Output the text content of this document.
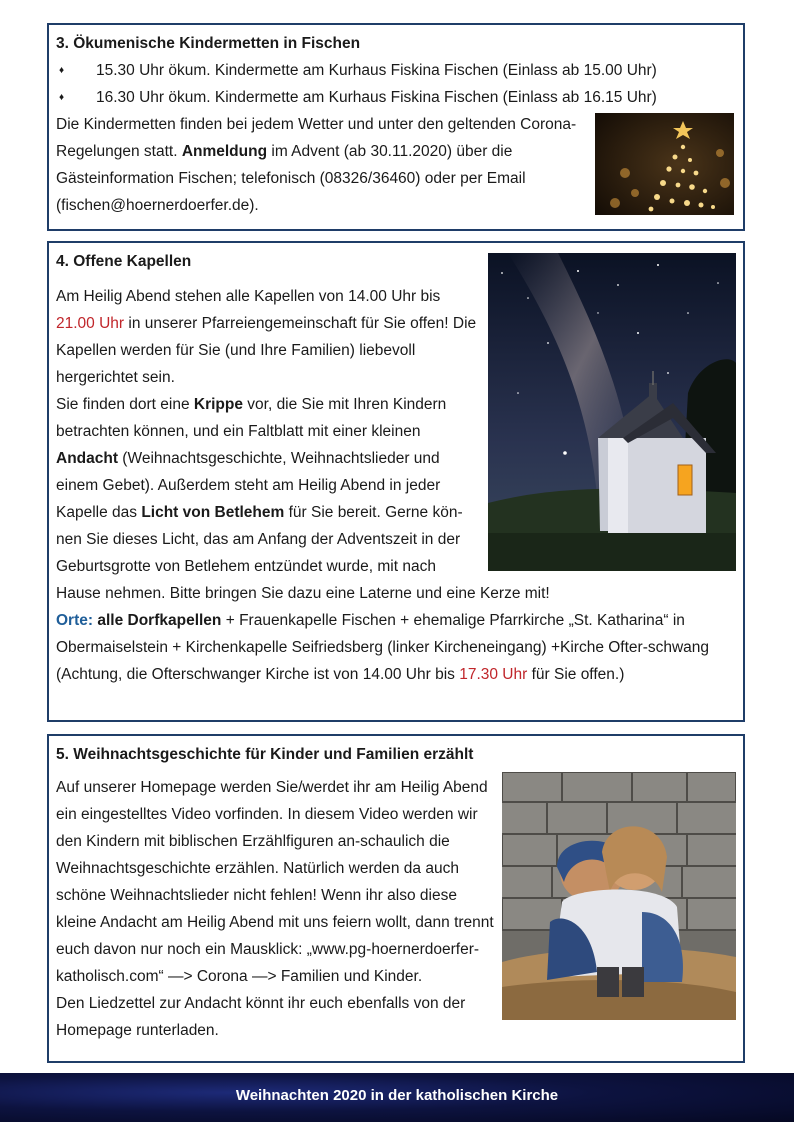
3. Ökumenische Kindermetten in Fischen
♦	15.30 Uhr ökum. Kindermette am Kurhaus Fiskina Fischen (Einlass ab 15.00 Uhr)
♦	16.30 Uhr ökum. Kindermette am Kurhaus Fiskina Fischen (Einlass ab 16.15 Uhr)
Die Kindermetten finden bei jedem Wetter und unter den geltenden Corona-Regelungen statt. Anmeldung im Advent (ab 30.11.2020) über die Gästeinformation Fischen; telefonisch (08326/36460) oder per Email (fischen@hoernerdoerfer.de).
4. Offene Kapellen
Am Heilig Abend stehen alle Kapellen von 14.00 Uhr bis 21.00 Uhr in unserer Pfarreiengemeinschaft für Sie offen! Die Kapellen werden für Sie (und Ihre Familien) liebevoll hergerichtet sein.
Sie finden dort eine Krippe vor, die Sie mit Ihren Kindern betrachten können, und ein Faltblatt mit einer kleinen Andacht (Weihnachtsgeschichte, Weihnachtslieder und einem Gebet). Außerdem steht am Heilig Abend in jeder Kapelle das Licht von Betlehem für Sie bereit. Gerne kön-nen Sie dieses Licht, das am Anfang der Adventszeit in der Geburtsgrotte von Betlehem entzündet wurde, mit nach Hause nehmen. Bitte bringen Sie dazu eine Laterne und eine Kerze mit!
Orte: alle Dorfkapellen + Frauenkapelle Fischen + ehemalige Pfarrkirche „St. Katharina“ in Obermaiselstein + Kirchenkapelle Seifriedsberg (linker Kircheneingang) +Kirche Ofter-schwang (Achtung, die Ofterschwanger Kirche ist von 14.00 Uhr bis 17.30 Uhr für Sie offen.)
5. Weihnachtsgeschichte für Kinder und Familien erzählt
Auf unserer Homepage werden Sie/werdet ihr am Heilig Abend ein eingestelltes Video vorfinden. In diesem Video werden wir den Kindern mit biblischen Erzählfiguren an-schaulich die Weihnachtsgeschichte erzählen. Natürlich werden da auch schöne Weihnachtslieder nicht fehlen! Wenn ihr also diese kleine Andacht am Heilig Abend mit uns feiern wollt, dann trennt euch davon nur noch ein Mausklick: „www.pg-hoernerdoerfer-katholisch.com“ —> Corona —> Familien und Kinder.
Den Liedzettel zur Andacht könnt ihr euch ebenfalls von der Homepage runterladen.
Weihnachten 2020 in der katholischen Kirche
